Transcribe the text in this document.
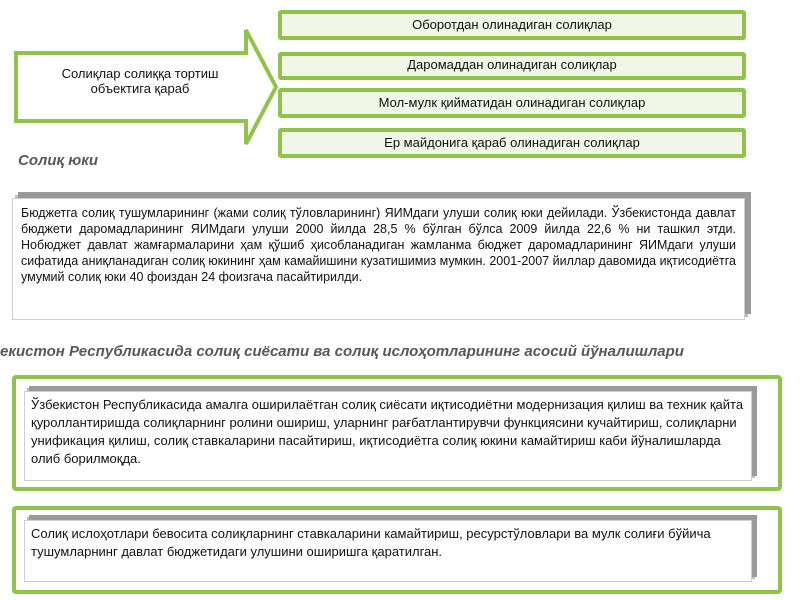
Солиқлар солиққа тортиш объектига қараб
Оборотдан олинадиган солиқлар
Даромаддан олинадиган солиқлар
Мол-мулк қийматидан олинадиган солиқлар
Ер майдонига қараб олинадиган солиқлар
Солиқ юки
Бюджетга солиқ тушумларининг (жами солиқ тўловларининг) ЯИМдаги улуши солиқ юки дейилади. Ўзбекистонда давлат бюджети даромадларининг ЯИМдаги улуши 2000 йилда 28,5 % бўлган бўлса 2009 йилда 22,6 % ни ташкил этди. Нобюджет давлат жамғармаларини ҳам қўшиб ҳисобланадиган жамланма бюджет даромадларининг ЯИМдаги улуши сифатида аниқланадиган солиқ юкининг ҳам камайишини кузатишимиз мумкин. 2001-2007 йиллар давомида иқтисодиётга умумий солиқ юки 40 фоиздан 24 фоизгача пасайтирилди.
екистон Республикасида солиқ сиёсати ва солиқ ислоҳотларининг асосий йўналишлари
Ўзбекистон Республикасида амалга оширилаётган солиқ сиёсати иқтисодиётни модернизация қилиш ва техник қайта қуроллантиришда солиқларнинг ролини ошириш, уларнинг рағбатлантирувчи функциясини кучайтириш, солиқларни унификация қилиш, солиқ ставкаларини пасайтириш, иқтисодиётга солиқ юкини камайтириш каби йўналишларда олиб борилмоқда.
Солиқ ислоҳотлари бевосита солиқларнинг ставкаларини камайтириш, ресурстўловлари ва мулк солиғи бўйича тушумларнинг давлат бюджетидаги улушини оширишга қаратилган.
